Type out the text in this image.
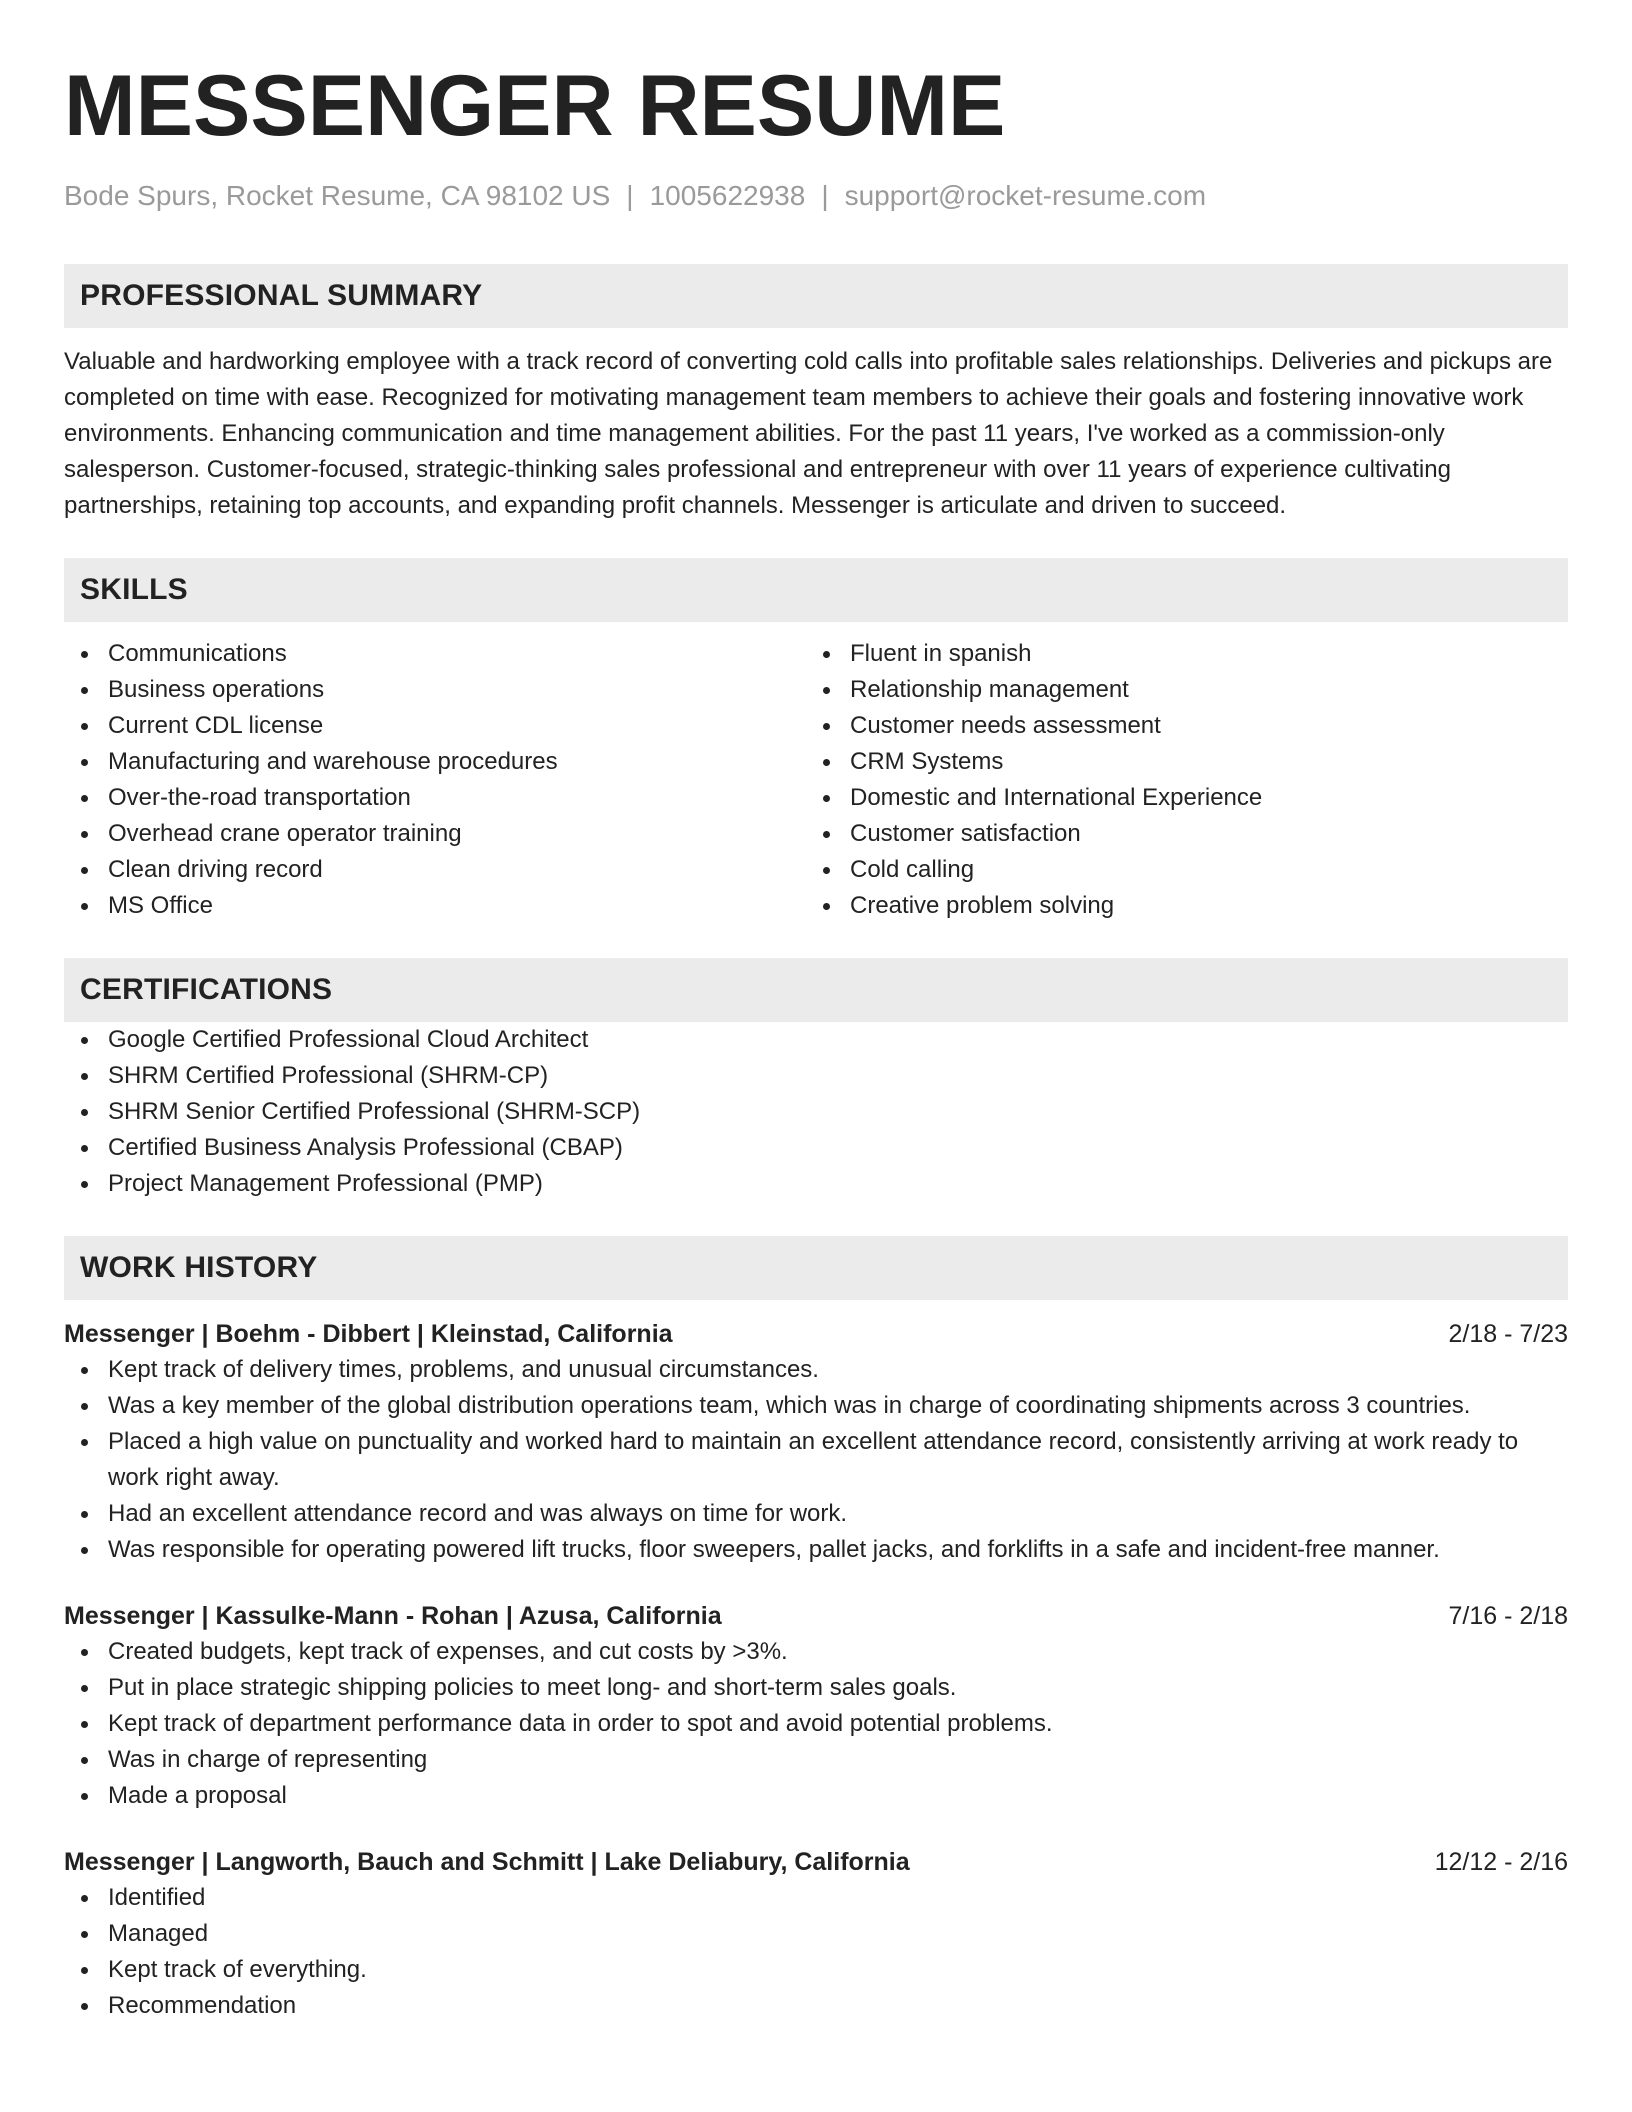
MESSENGER RESUME
Bode Spurs, Rocket Resume, CA 98102 US | 1005622938 | support@rocket-resume.com
PROFESSIONAL SUMMARY
Valuable and hardworking employee with a track record of converting cold calls into profitable sales relationships. Deliveries and pickups are completed on time with ease. Recognized for motivating management team members to achieve their goals and fostering innovative work environments. Enhancing communication and time management abilities. For the past 11 years, I've worked as a commission-only salesperson. Customer-focused, strategic-thinking sales professional and entrepreneur with over 11 years of experience cultivating partnerships, retaining top accounts, and expanding profit channels. Messenger is articulate and driven to succeed.
SKILLS
Communications
Business operations
Current CDL license
Manufacturing and warehouse procedures
Over-the-road transportation
Overhead crane operator training
Clean driving record
MS Office
Fluent in spanish
Relationship management
Customer needs assessment
CRM Systems
Domestic and International Experience
Customer satisfaction
Cold calling
Creative problem solving
CERTIFICATIONS
Google Certified Professional Cloud Architect
SHRM Certified Professional (SHRM-CP)
SHRM Senior Certified Professional (SHRM-SCP)
Certified Business Analysis Professional (CBAP)
Project Management Professional (PMP)
WORK HISTORY
Messenger | Boehm - Dibbert | Kleinstad, California	2/18 - 7/23
Kept track of delivery times, problems, and unusual circumstances.
Was a key member of the global distribution operations team, which was in charge of coordinating shipments across 3 countries.
Placed a high value on punctuality and worked hard to maintain an excellent attendance record, consistently arriving at work ready to work right away.
Had an excellent attendance record and was always on time for work.
Was responsible for operating powered lift trucks, floor sweepers, pallet jacks, and forklifts in a safe and incident-free manner.
Messenger | Kassulke-Mann - Rohan | Azusa, California	7/16 - 2/18
Created budgets, kept track of expenses, and cut costs by >3%.
Put in place strategic shipping policies to meet long- and short-term sales goals.
Kept track of department performance data in order to spot and avoid potential problems.
Was in charge of representing
Made a proposal
Messenger | Langworth, Bauch and Schmitt | Lake Deliabury, California	12/12 - 2/16
Identified
Managed
Kept track of everything.
Recommendation
